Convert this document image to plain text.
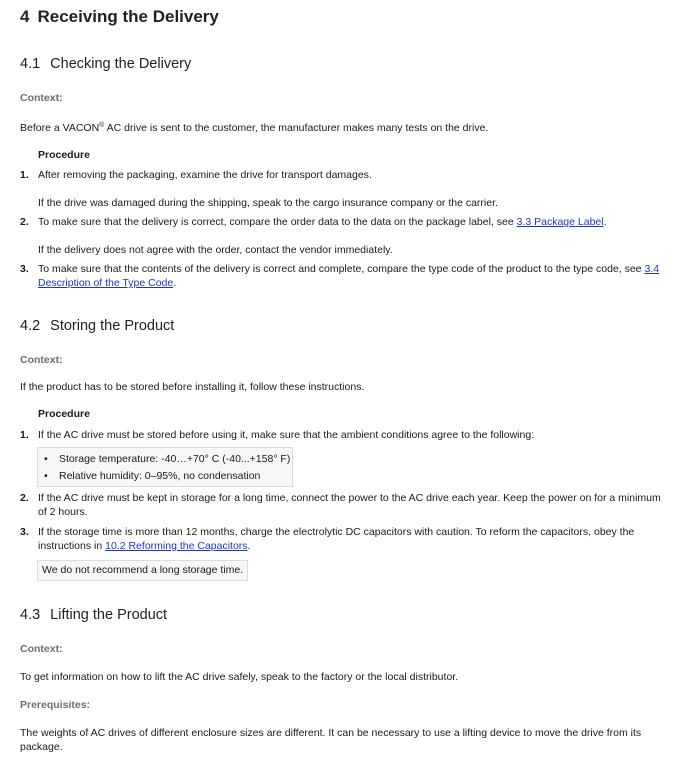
4 Receiving the Delivery
4.1 Checking the Delivery
Context:
Before a VACON® AC drive is sent to the customer, the manufacturer makes many tests on the drive.
Procedure
1. After removing the packaging, examine the drive for transport damages.
If the drive was damaged during the shipping, speak to the cargo insurance company or the carrier.
2. To make sure that the delivery is correct, compare the order data to the data on the package label, see 3.3 Package Label.
If the delivery does not agree with the order, contact the vendor immediately.
3. To make sure that the contents of the delivery is correct and complete, compare the type code of the product to the type code, see 3.4 Description of the Type Code.
4.2 Storing the Product
Context:
If the product has to be stored before installing it, follow these instructions.
Procedure
1. If the AC drive must be stored before using it, make sure that the ambient conditions agree to the following:
• Storage temperature: -40…+70° C (-40...+158° F)
• Relative humidity: 0–95%, no condensation
2. If the AC drive must be kept in storage for a long time, connect the power to the AC drive each year. Keep the power on for a minimum of 2 hours.
3. If the storage time is more than 12 months, charge the electrolytic DC capacitors with caution. To reform the capacitors, obey the instructions in 10.2 Reforming the Capacitors.
We do not recommend a long storage time.
4.3 Lifting the Product
Context:
To get information on how to lift the AC drive safely, speak to the factory or the local distributor.
Prerequisites:
The weights of AC drives of different enclosure sizes are different. It can be necessary to use a lifting device to move the drive from its package.
